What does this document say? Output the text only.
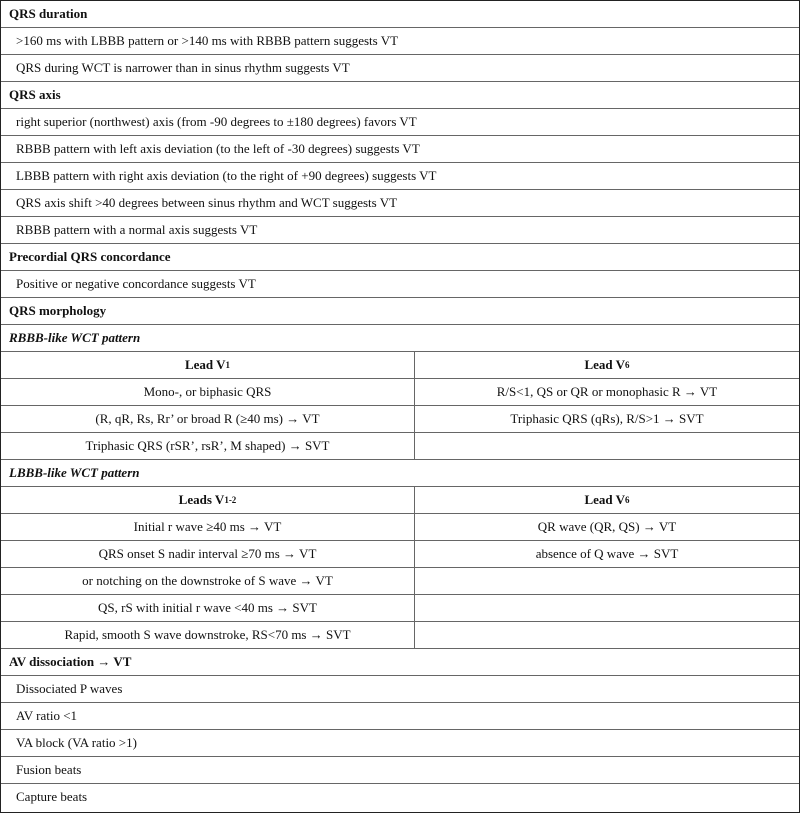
QRS duration
>160 ms with LBBB pattern or >140 ms with RBBB pattern suggests VT
QRS during WCT is narrower than in sinus rhythm suggests VT
QRS axis
right superior (northwest) axis (from -90 degrees to ±180 degrees) favors VT
RBBB pattern with left axis deviation (to the left of -30 degrees) suggests VT
LBBB pattern with right axis deviation (to the right of +90 degrees) suggests VT
QRS axis shift >40 degrees between sinus rhythm and WCT suggests VT
RBBB pattern with a normal axis suggests VT
Precordial QRS concordance
Positive or negative concordance suggests VT
QRS morphology
RBBB-like WCT pattern
Lead V 1	Lead V 6
Mono-, or biphasic QRS	R/S<1, QS or QR or monophasic R → VT
(R, qR, Rs, Rr’ or broad R (≥40 ms) → VT	Triphasic QRS (qRs), R/S>1 → SVT
Triphasic QRS (rSR’, rsR’, M shaped) → SVT
LBBB-like WCT pattern
Leads V 1-2	Lead V 6
Initial r wave ≥40 ms → VT	QR wave (QR, QS) → VT
QRS onset S nadir interval ≥70 ms → VT	absence of Q wave → SVT
or notching on the downstroke of S wave → VT
QS, rS with initial r wave <40 ms → SVT
Rapid, smooth S wave downstroke, RS<70 ms → SVT
AV dissociation → VT
Dissociated P waves
AV ratio <1
VA block (VA ratio >1)
Fusion beats
Capture beats
